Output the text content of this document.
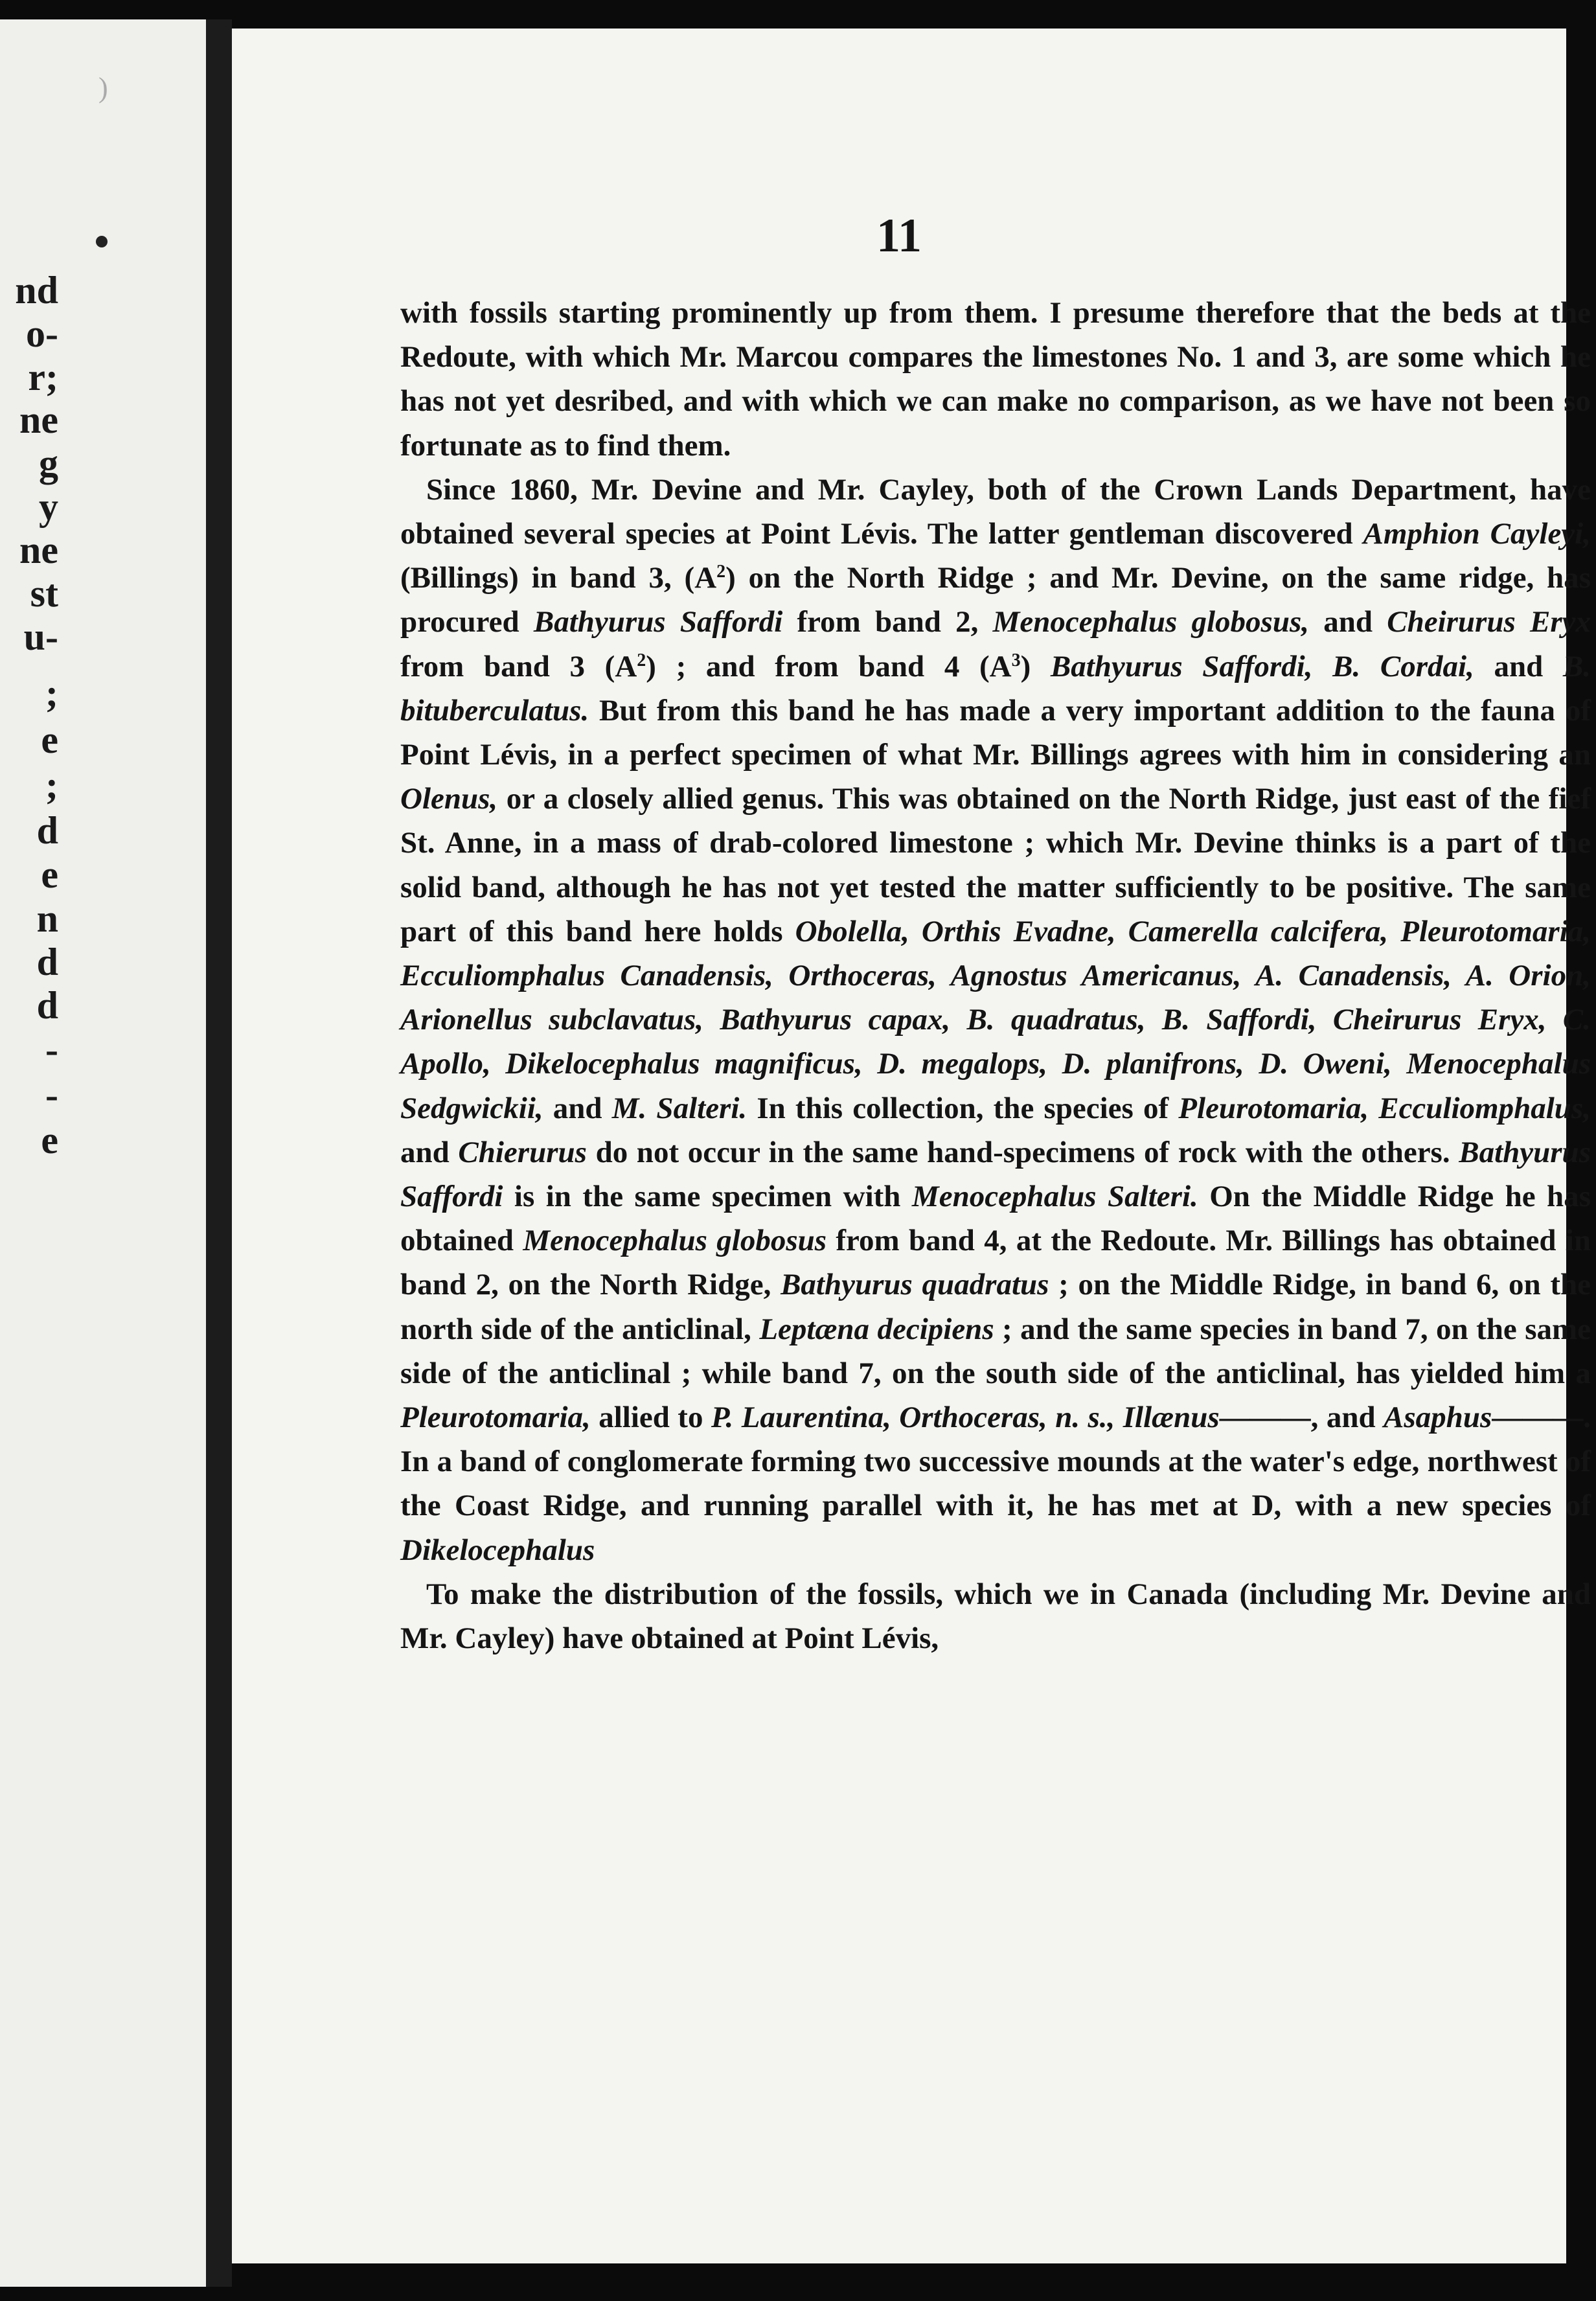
)
nd
o-
r;
ne
g
y
ne
st
u-
;
e
;
d
e
n
d
d
-
-
e
11

with fossils starting prominently up from them. I presume therefore that the beds at the Redoute, with which Mr. Marcou compares the limestones No. 1 and 3, are some which he has not yet desribed, and with which we can make no comparison, as we have not been so fortunate as to find them.

Since 1860, Mr. Devine and Mr. Cayley, both of the Crown Lands Department, have obtained several species at Point Lévis. The latter gentleman discovered Amphion Cayleyi, (Billings) in band 3, $(A^2)$ on the North Ridge ; and Mr. Devine, on the same ridge, has procured Bathyurus Saffordi from band 2, Menocephalus globosus, and Cheirurus Eryx from band 3 $(A^2)$ ; and from band 4 $(A^3)$ Bathyurus Saffordi, B. Cordai, and B. bituberculatus. But from this band he has made a very important addition to the fauna of Point Lévis, in a perfect specimen of what Mr. Billings agrees with him in considering an Olenus, or a closely allied genus. This was obtained on the North Ridge, just east of the fief St. Anne, in a mass of drab-colored limestone ; which Mr. Devine thinks is a part of the solid band, although he has not yet tested the matter sufficiently to be positive. The same part of this band here holds Obolella, Orthis Evadne, Camerella calcifera, Pleurotomaria, Ecculiomphalus Canadensis, Orthoceras, Agnostus Americanus, A. Canadensis, A. Orion, Arionellus subclavatus, Bathyurus capax, B. quadratus, B. Saffordi, Cheirurus Eryx, C. Apollo, Dikelocephalus magnificus, D. megalops, D. planifrons, D. Oweni, Menocephalus Sedgwickii, and M. Salteri. In this collection, the species of Pleurotomaria, Ecculiomphalus, and Chierurus do not occur in the same hand-specimens of rock with the others. Bathyurus Saffordi is in the same specimen with Menocephalus Salteri. On the Middle Ridge he has obtained Menocephalus globosus from band 4, at the Redoute. Mr. Billings has obtained in band 2, on the North Ridge, Bathyurus quadratus ; on the Middle Ridge, in band 6, on the north side of the anticlinal, Leptæna decipiens ; and the same species in band 7, on the same side of the anticlinal ; while band 7, on the south side of the anticlinal, has yielded him a Pleurotomaria, allied to P. Laurentina, Orthoceras, n. s., Illænus———, and Asaphus———. In a band of conglomerate forming two successive mounds at the water's edge, northwest of the Coast Ridge, and running parallel with it, he has met at D, with a new species of Dikelocephalus

To make the distribution of the fossils, which we in Canada (including Mr. Devine and Mr. Cayley) have obtained at Point Lévis,
